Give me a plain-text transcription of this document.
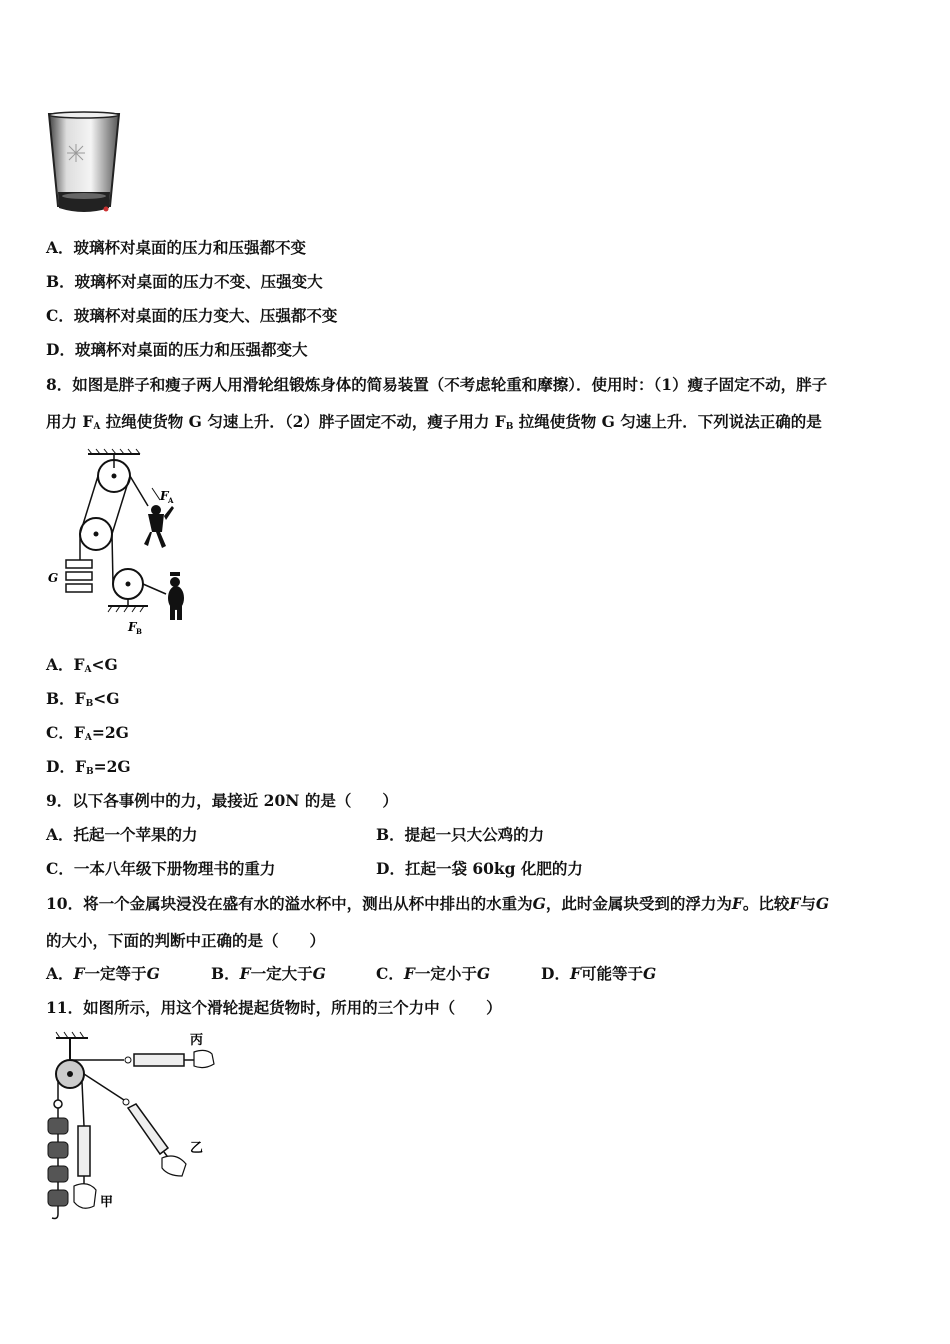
A．玻璃杯对桌面的压力和压强都不变
B．玻璃杯对桌面的压力不变、压强变大
C．玻璃杯对桌面的压力变大、压强都不变
D．玻璃杯对桌面的压力和压强都变大
8．如图是胖子和瘦子两人用滑轮组锻炼身体的简易装置（不考虑轮重和摩擦）．使用时：（1）瘦子固定不动，胖子
用力 $F_A$ 拉绳使货物 G 匀速上升．（2）胖子固定不动，瘦子用力 $F_B$ 拉绳使货物 G 匀速上升．下列说法正确的是
G
F A
F B
A．$F_A<G$
B．$F_B<G$
C．$F_A=2G$
D．$F_B=2G$
9．以下各事例中的力，最接近 20N 的是（　　）
A．托起一个苹果的力	B．提起一只大公鸡的力
C．一本八年级下册物理书的重力	D．扛起一袋 60kg 化肥的力
10．将一个金属块浸没在盛有水的溢水杯中，测出从杯中排出的水重为G，此时金属块受到的浮力为F。比较F与G
的大小，下面的判断中正确的是（　　）
A．F一定等于G	B．F一定大于G	C．F一定小于G	D．F可能等于G
11．如图所示，用这个滑轮提起货物时，所用的三个力中（　　）
丙
乙
甲
